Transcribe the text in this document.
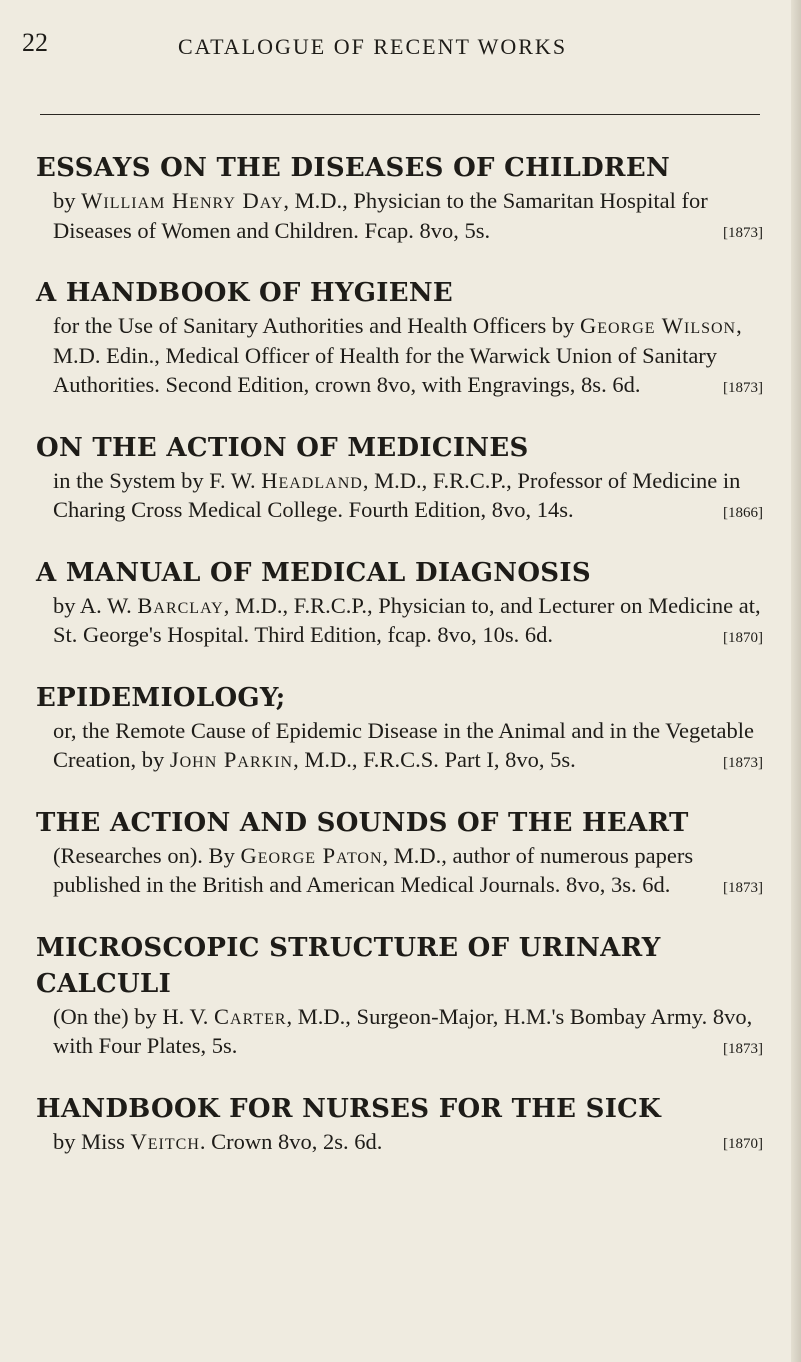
22	CATALOGUE OF RECENT WORKS
ESSAYS ON THE DISEASES OF CHILDREN

by William Henry Day, M.D., Physician to the Samaritan Hospital for Diseases of Women and Children. Fcap. 8vo, 5s.	[1873]

A HANDBOOK OF HYGIENE

for the Use of Sanitary Authorities and Health Officers by George Wilson, M.D. Edin., Medical Officer of Health for the Warwick Union of Sanitary Authorities. Second Edition, crown 8vo, with Engravings, 8s. 6d.	[1873]

ON THE ACTION OF MEDICINES

in the System by F. W. Headland, M.D., F.R.C.P., Professor of Medicine in Charing Cross Medical College. Fourth Edition, 8vo, 14s.	[1866]

A MANUAL OF MEDICAL DIAGNOSIS

by A. W. Barclay, M.D., F.R.C.P., Physician to, and Lecturer on Medicine at, St. George's Hospital. Third Edition, fcap. 8vo, 10s. 6d.	[1870]

EPIDEMIOLOGY;

or, the Remote Cause of Epidemic Disease in the Animal and in the Vegetable Creation, by John Parkin, M.D., F.R.C.S. Part I, 8vo, 5s.	[1873]

THE ACTION AND SOUNDS OF THE HEART

(Researches on). By George Paton, M.D., author of numerous papers published in the British and American Medical Journals. 8vo, 3s. 6d.	[1873]

MICROSCOPIC STRUCTURE OF URINARY CALCULI

(On the) by H. V. Carter, M.D., Surgeon-Major, H.M.'s Bombay Army. 8vo, with Four Plates, 5s.	[1873]

HANDBOOK FOR NURSES FOR THE SICK

by Miss Veitch. Crown 8vo, 2s. 6d.	[1870]
